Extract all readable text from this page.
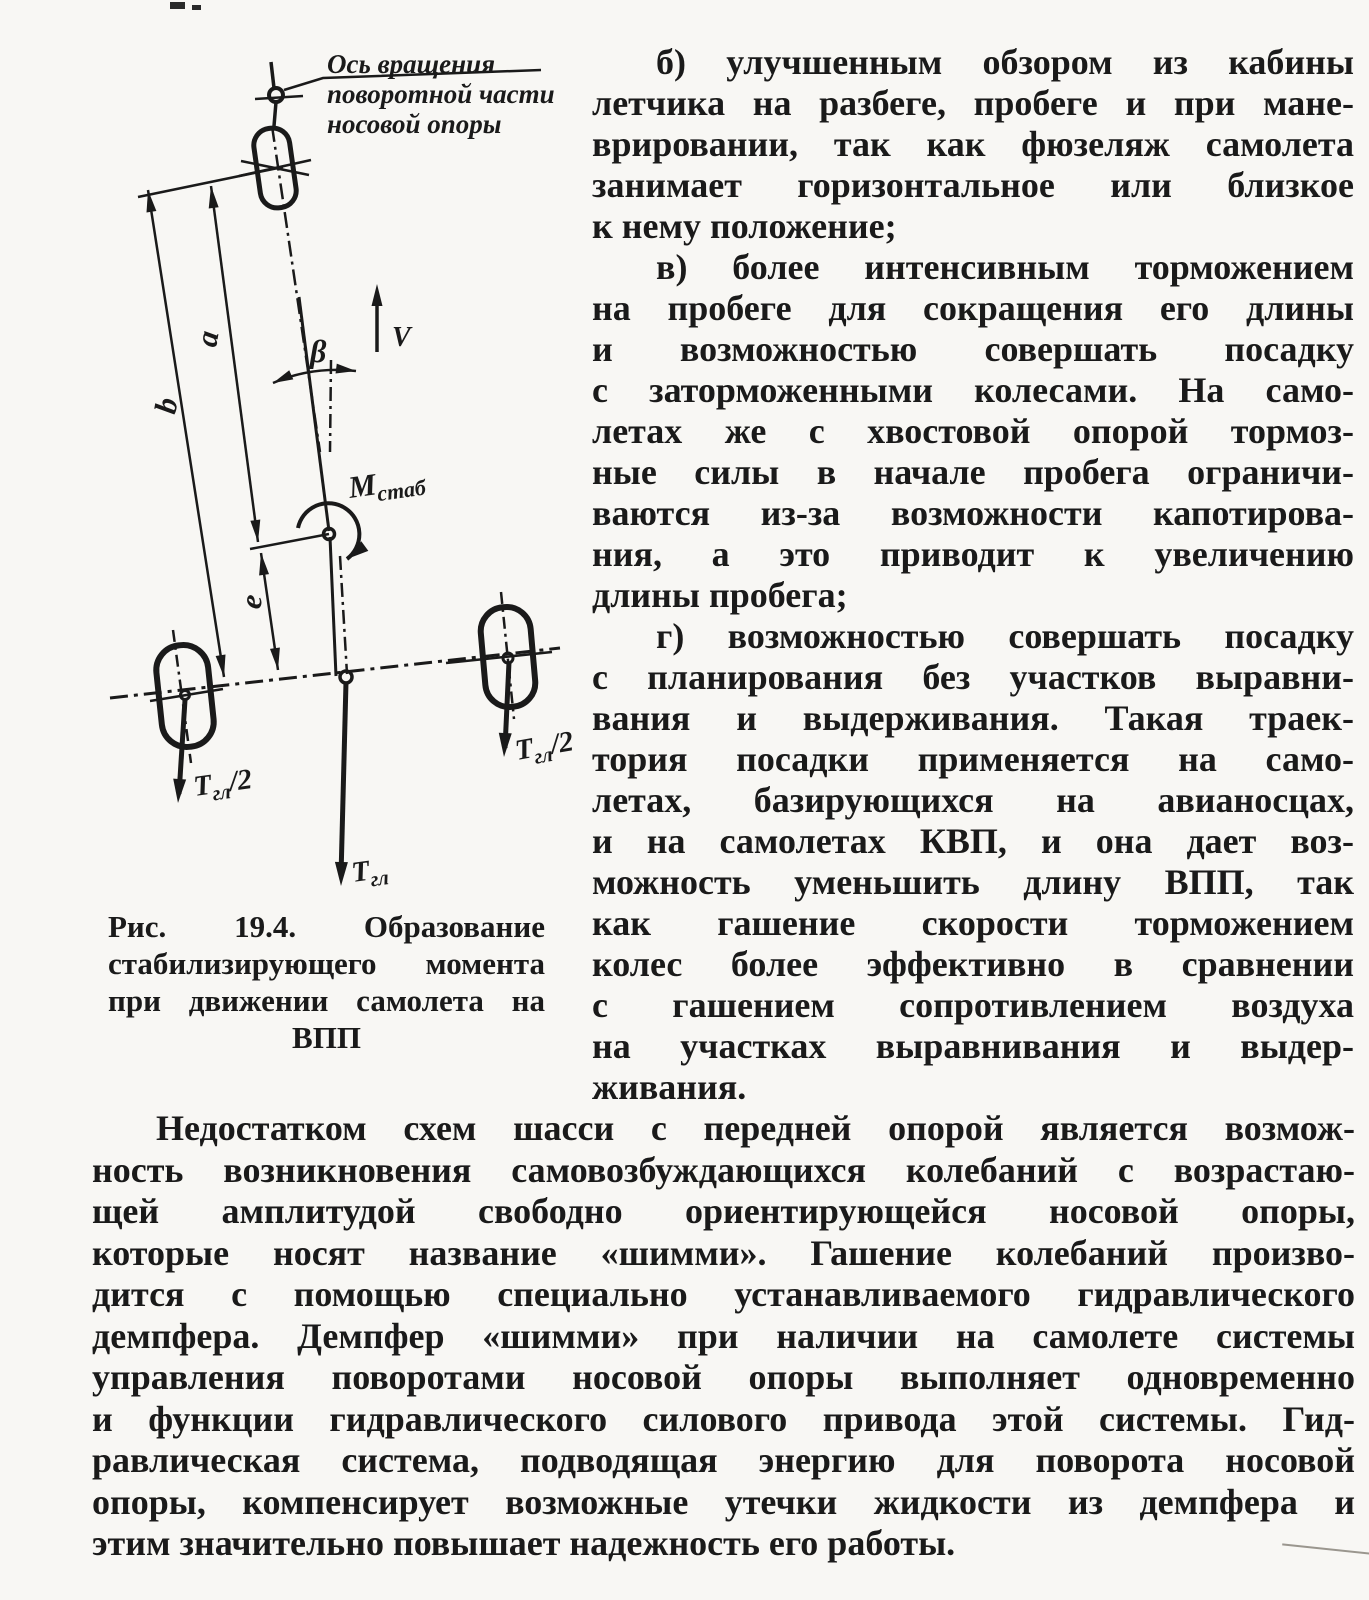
Ось вращения
поворотной части
носовой опоры
β V
b
a
e
Мстаб
Тгл/2
Тгл/2
Тгл
Рис. 19.4. Образование
стабилизирующего момента
при движении самолета на
ВПП
б) улучшенным обзором из кабины
летчика на разбеге, пробеге и при мане-
врировании, так как фюзеляж самолета
занимает горизонтальное или близкое
к нему положение;
в) более интенсивным торможением
на пробеге для сокращения его длины
и возможностью совершать посадку
с заторможенными колесами. На само-
летах же с хвостовой опорой тормоз-
ные силы в начале пробега ограничи-
ваются из-за возможности капотирова-
ния, а это приводит к увеличению
длины пробега;
г) возможностью совершать посадку
с планирования без участков выравни-
вания и выдерживания. Такая траек-
тория посадки применяется на само-
летах, базирующихся на авианосцах,
и на самолетах КВП, и она дает воз-
можность уменьшить длину ВПП, так
как гашение скорости торможением
колес более эффективно в сравнении
с гашением сопротивлением воздуха
на участках выравнивания и выдер-
живания.
Недостатком схем шасси с передней опорой является возмож-
ность возникновения самовозбуждающихся колебаний с возрастаю-
щей амплитудой свободно ориентирующейся носовой опоры,
которые носят название «шимми». Гашение колебаний произво-
дится с помощью специально устанавливаемого гидравлического
демпфера. Демпфер «шимми» при наличии на самолете системы
управления поворотами носовой опоры выполняет одновременно
и функции гидравлического силового привода этой системы. Гид-
равлическая система, подводящая энергию для поворота носовой
опоры, компенсирует возможные утечки жидкости из демпфера и
этим значительно повышает надежность его работы.
